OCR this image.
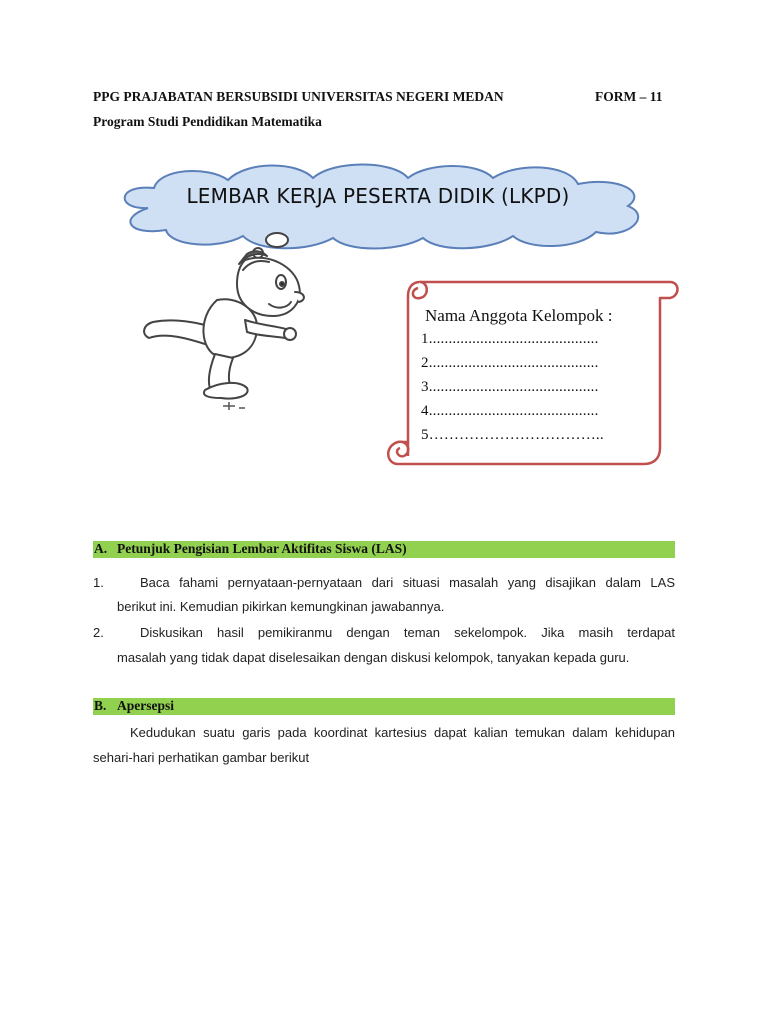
PPG PRAJABATAN BERSUBSIDI UNIVERSITAS NEGERI MEDAN	FORM – 11
Program Studi Pendidikan Matematika
LEMBAR KERJA PESERTA DIDIK (LKPD)
Nama Anggota Kelompok :
1...........................................
2...........................................
3...........................................
4...........................................
5……………………………..
A. Petunjuk Pengisian Lembar Aktifitas Siswa (LAS)
1.	Baca fahami pernyataan-pernyataan dari situasi masalah yang disajikan dalam LAS
berikut ini. Kemudian pikirkan kemungkinan jawabannya.
2.	Diskusikan hasil pemikiranmu dengan teman sekelompok. Jika masih terdapat
masalah yang tidak dapat diselesaikan dengan diskusi kelompok, tanyakan kepada guru.
B. Apersepsi
Kedudukan suatu garis pada koordinat kartesius dapat kalian temukan dalam kehidupan
sehari-hari perhatikan gambar berikut
